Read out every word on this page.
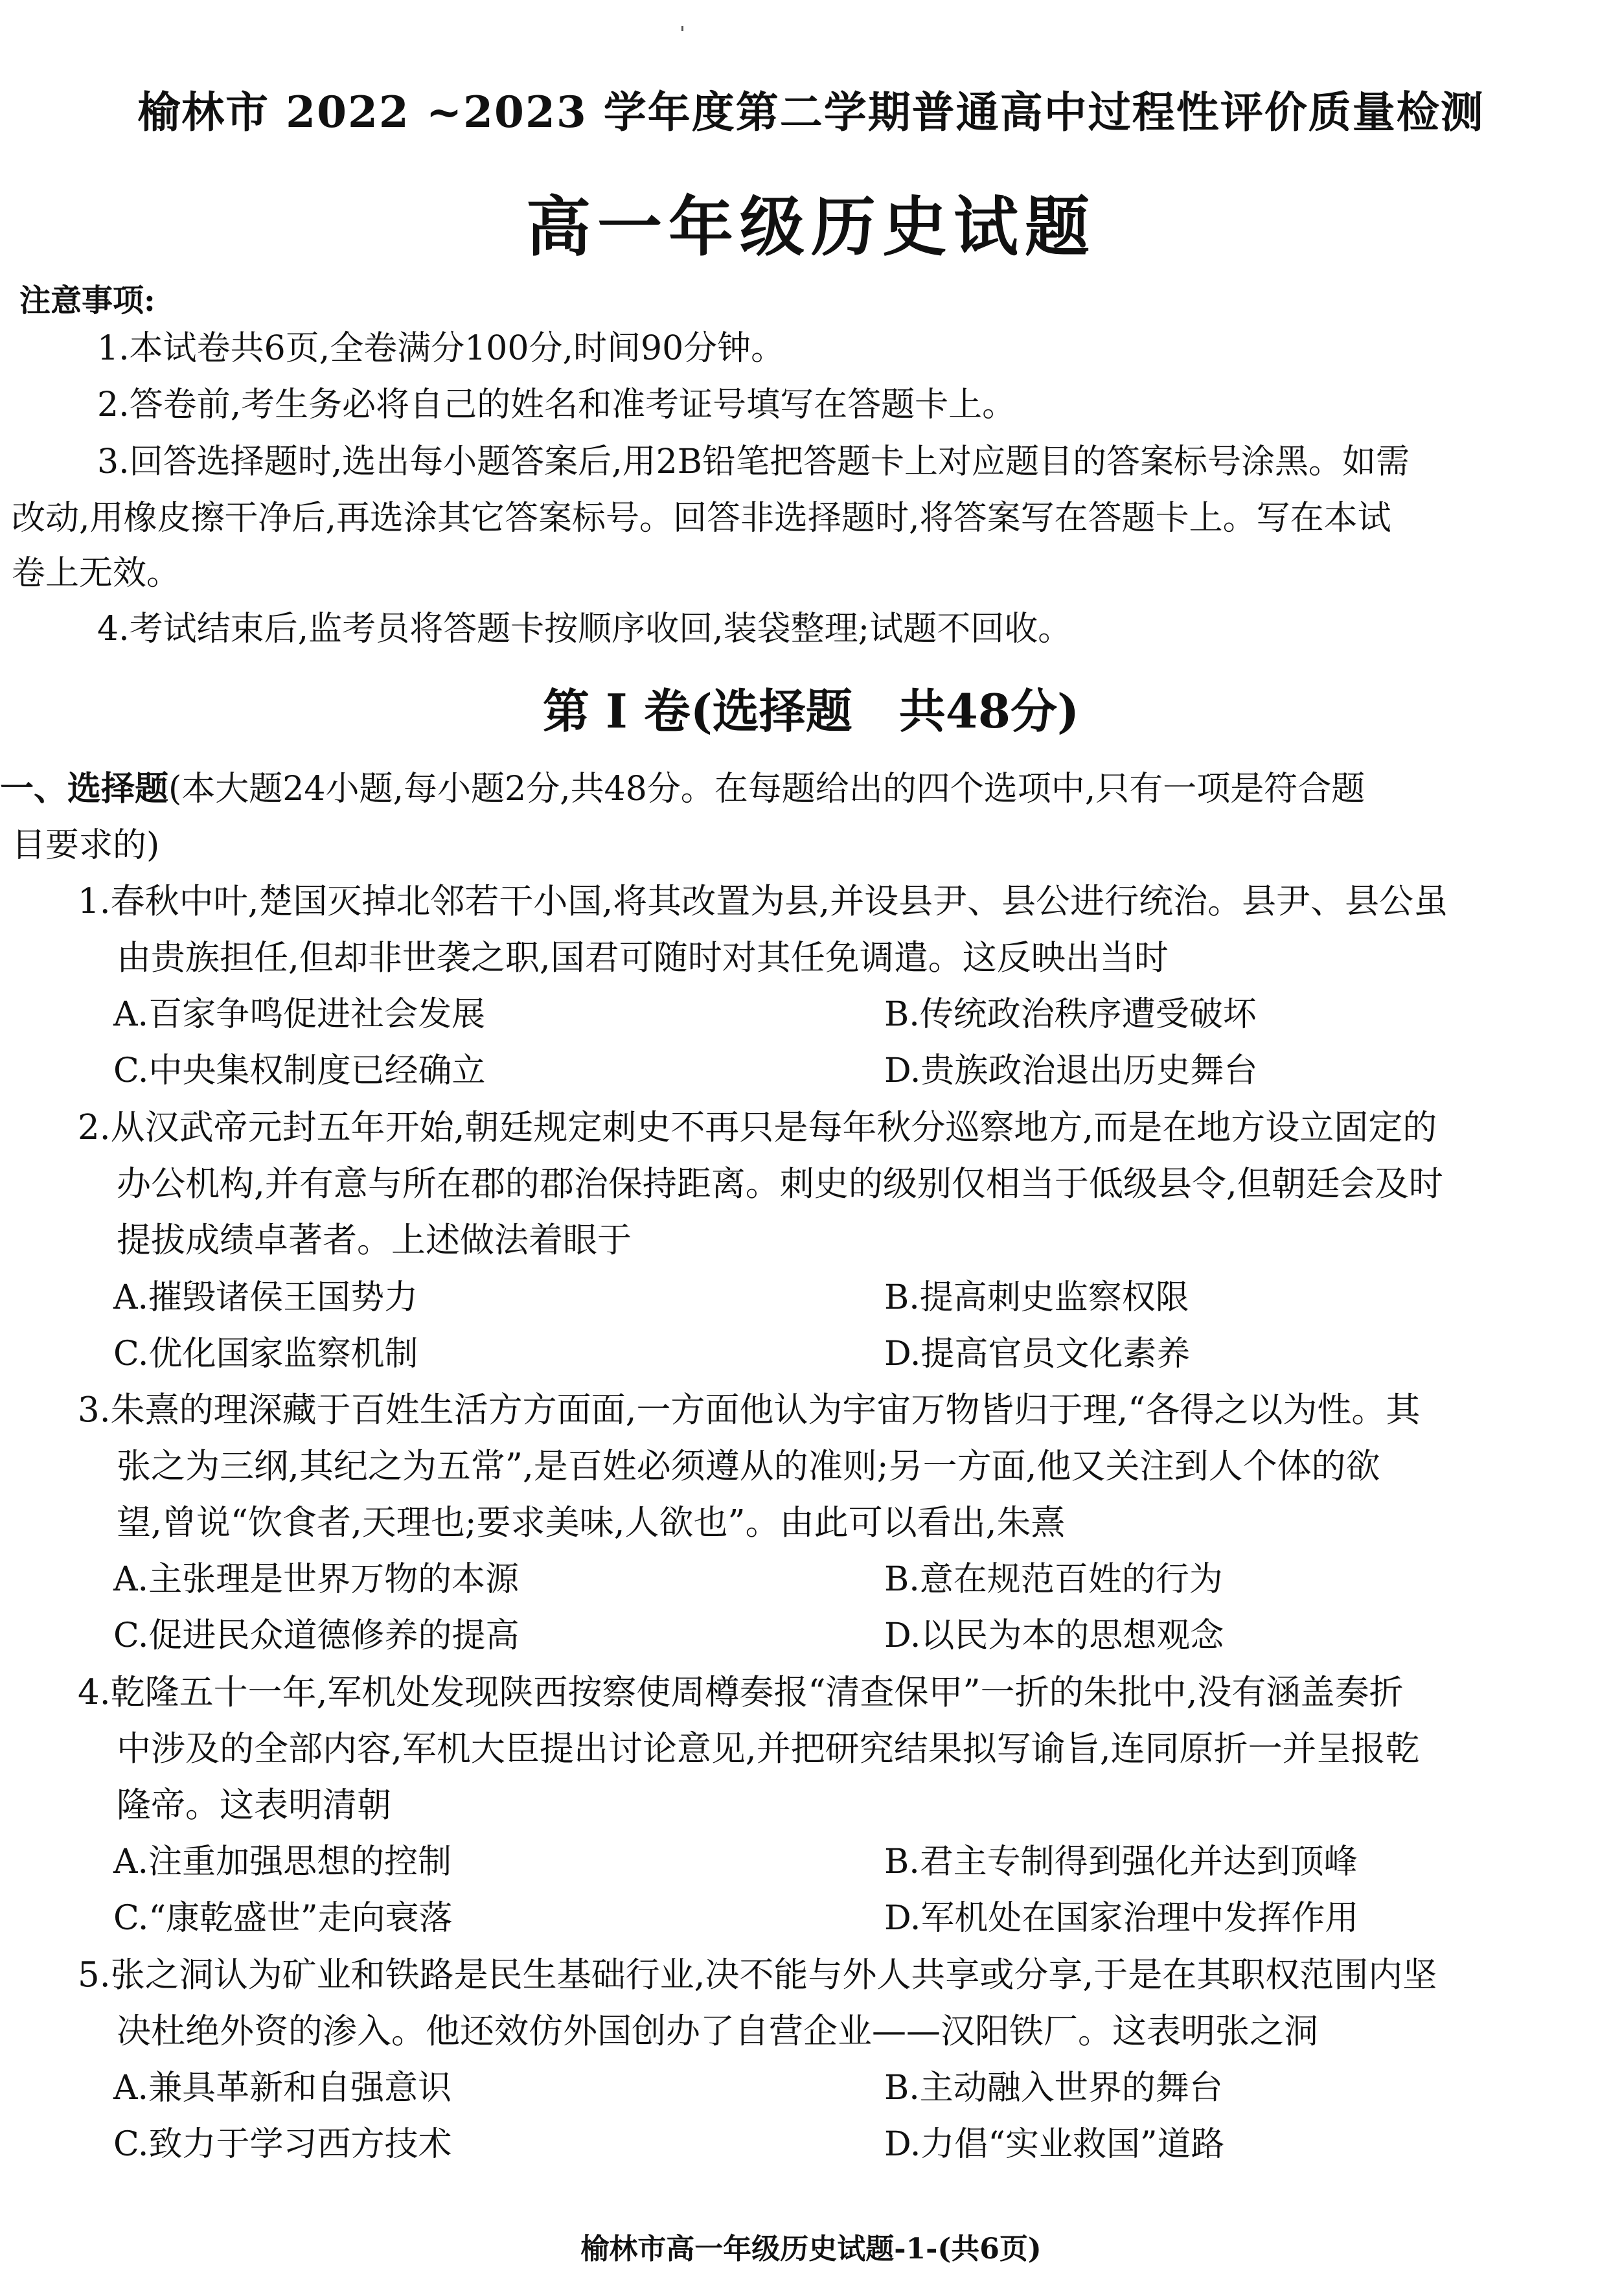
榆林市 2022 ~2023 学年度第二学期普通高中过程性评价质量检测
高一年级历史试题
注意事项:
1.本试卷共6页,全卷满分100分,时间90分钟。
2.答卷前,考生务必将自己的姓名和准考证号填写在答题卡上。
3.回答选择题时,选出每小题答案后,用2B铅笔把答题卡上对应题目的答案标号涂黑。如需
改动,用橡皮擦干净后,再选涂其它答案标号。回答非选择题时,将答案写在答题卡上。写在本试
卷上无效。
4.考试结束后,监考员将答题卡按顺序收回,装袋整理;试题不回收。
第 Ⅰ 卷(选择题　共48分)
一、选择题(本大题24小题,每小题2分,共48分。在每题给出的四个选项中,只有一项是符合题
目要求的)
1.春秋中叶,楚国灭掉北邻若干小国,将其改置为县,并设县尹、县公进行统治。县尹、县公虽
由贵族担任,但却非世袭之职,国君可随时对其任免调遣。这反映出当时
A.百家争鸣促进社会发展	B.传统政治秩序遭受破坏
C.中央集权制度已经确立	D.贵族政治退出历史舞台
2.从汉武帝元封五年开始,朝廷规定刺史不再只是每年秋分巡察地方,而是在地方设立固定的
办公机构,并有意与所在郡的郡治保持距离。刺史的级别仅相当于低级县令,但朝廷会及时
提拔成绩卓著者。上述做法着眼于
A.摧毁诸侯王国势力	B.提高刺史监察权限
C.优化国家监察机制	D.提高官员文化素养
3.朱熹的理深藏于百姓生活方方面面,一方面他认为宇宙万物皆归于理,“各得之以为性。其
张之为三纲,其纪之为五常”,是百姓必须遵从的准则;另一方面,他又关注到人个体的欲
望,曾说“饮食者,天理也;要求美味,人欲也”。由此可以看出,朱熹
A.主张理是世界万物的本源	B.意在规范百姓的行为
C.促进民众道德修养的提高	D.以民为本的思想观念
4.乾隆五十一年,军机处发现陕西按察使周樽奏报“清查保甲”一折的朱批中,没有涵盖奏折
中涉及的全部内容,军机大臣提出讨论意见,并把研究结果拟写谕旨,连同原折一并呈报乾
隆帝。这表明清朝
A.注重加强思想的控制	B.君主专制得到强化并达到顶峰
C.“康乾盛世”走向衰落	D.军机处在国家治理中发挥作用
5.张之洞认为矿业和铁路是民生基础行业,决不能与外人共享或分享,于是在其职权范围内坚
决杜绝外资的渗入。他还效仿外国创办了自营企业——汉阳铁厂。这表明张之洞
A.兼具革新和自强意识	B.主动融入世界的舞台
C.致力于学习西方技术	D.力倡“实业救国”道路
榆林市高一年级历史试题-1-(共6页)
